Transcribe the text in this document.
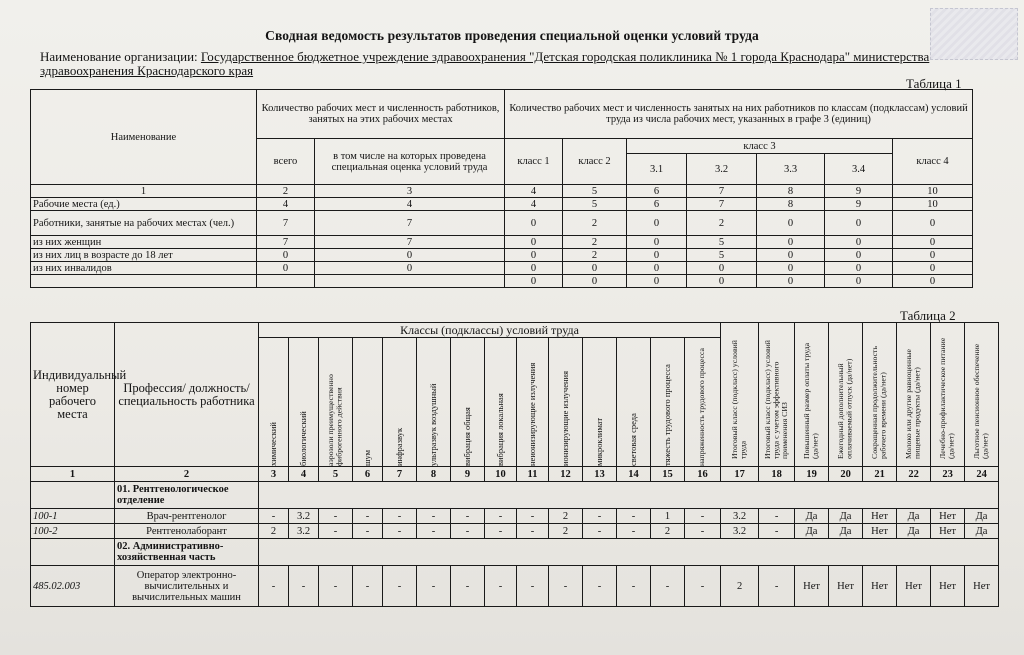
Сводная ведомость результатов проведения специальной оценки условий труда
Наименование организации: Государственное бюджетное учреждение здравоохранения "Детская городская поликлиника № 1 города Краснодара" министерства здравоохранения Краснодарского края
Таблица 1
Наименование	Количество рабочих мест и численность работников, занятых на этих рабочих местах		Количество рабочих мест и численность занятых на них работников по классам (подклассам) условий труда из числа рабочих мест, указанных в графе 3 (единиц)						
	всего	в том числе на которых проведена специальная оценка условий труда	класс 1	класс 2	класс 3				класс 4
					3.1	3.2	3.3	3.4	
1	2	3	4	5	6	7	8	9	10
Рабочие места (ед.)	4	4	4	5	6	7	8	9	10
Работники, занятые на рабочих местах (чел.)	7	7	0	2	0	2	0	0	0
из них женщин	7	7	0	2	0	5	0	0	0
из них лиц в возрасте до 18 лет	0	0	0	2	0	5	0	0	0
из них инвалидов	0	0	0	0	0	0	0	0	0
			0	0	0	0	0	0	0
Таблица 2
Индивидуальный номер рабочего места	Профессия/ должность/ специальность работника	Классы (подклассы) условий труда														Итоговый класс (подкласс) условий труда	Итоговый класс (подкласс) условий труда с учетом эффективного применения СИЗ	Повышенный размер оплаты труда (да/нет)	Ежегодный дополнительный оплачиваемый отпуск (да/нет)	Сокращенная продолжительность рабочего времени (да/нет)	Молоко или другие равноценные пищевые продукты (да/нет)	Лечебно-профилактическое питание (да/нет)	Льготное пенсионное обеспечение (да/нет)

		химический	биологический	аэрозоли преимущественно фиброгенного действия	шум	инфразвук	ультразвук воздушный	вибрация общая	вибрация локальная	неионизирующие излучения	ионизирующие излучения	микроклимат	световая среда	тяжесть трудового процесса	напряженность трудового процесса								

1	2	3	4	5	6	7	8	9	10	11	12	13	14	15	16	17	18	19	20	21	22	23	24
	01. Рентгенологическое отделение																						
100-1	Врач-рентгенолог	-	3.2	-	-	-	-	-	-	-	2	-	-	1	-	3.2	-	Да	Да	Нет	Да	Нет	Да
100-2	Рентгенолаборант	2	3.2	-	-	-	-	-	-	-	2	-	-	2	-	3.2	-	Да	Да	Нет	Да	Нет	Да
	02. Административно-хозяйственная часть																						
485.02.003	Оператор электронно-вычислительных и вычислительных машин	-	-	-	-	-	-	-	-	-	-	-	-	-	-	2	-	Нет	Нет	Нет	Нет	Нет	Нет
